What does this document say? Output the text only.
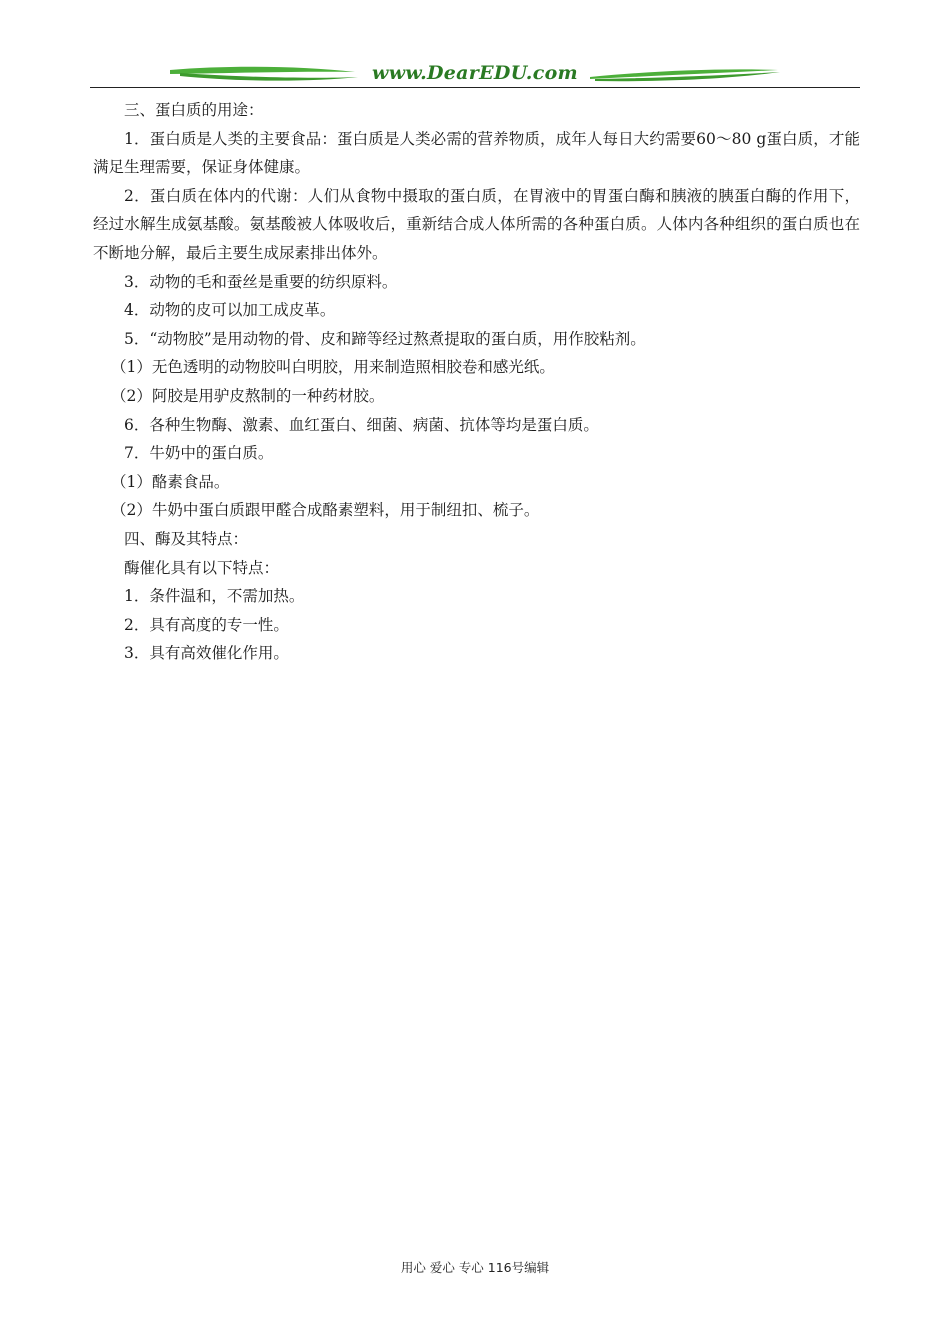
www.DearEDU.com

三、蛋白质的用途：

1．蛋白质是人类的主要食品：蛋白质是人类必需的营养物质，成年人每日大约需要60～80 g蛋白质，才能满足生理需要，保证身体健康。

2．蛋白质在体内的代谢：人们从食物中摄取的蛋白质，在胃液中的胃蛋白酶和胰液的胰蛋白酶的作用下，经过水解生成氨基酸。氨基酸被人体吸收后，重新结合成人体所需的各种蛋白质。人体内各种组织的蛋白质也在不断地分解，最后主要生成尿素排出体外。

3．动物的毛和蚕丝是重要的纺织原料。

4．动物的皮可以加工成皮革。

5．“动物胶”是用动物的骨、皮和蹄等经过熬煮提取的蛋白质，用作胶粘剂。

（1）无色透明的动物胶叫白明胶，用来制造照相胶卷和感光纸。

（2）阿胶是用驴皮熬制的一种药材胶。

6．各种生物酶、激素、血红蛋白、细菌、病菌、抗体等均是蛋白质。

7．牛奶中的蛋白质。

（1）酪素食品。

（2）牛奶中蛋白质跟甲醛合成酪素塑料，用于制纽扣、梳子。

四、酶及其特点：

酶催化具有以下特点：

1．条件温和，不需加热。

2．具有高度的专一性。

3．具有高效催化作用。

用心 爱心 专心 116号编辑
